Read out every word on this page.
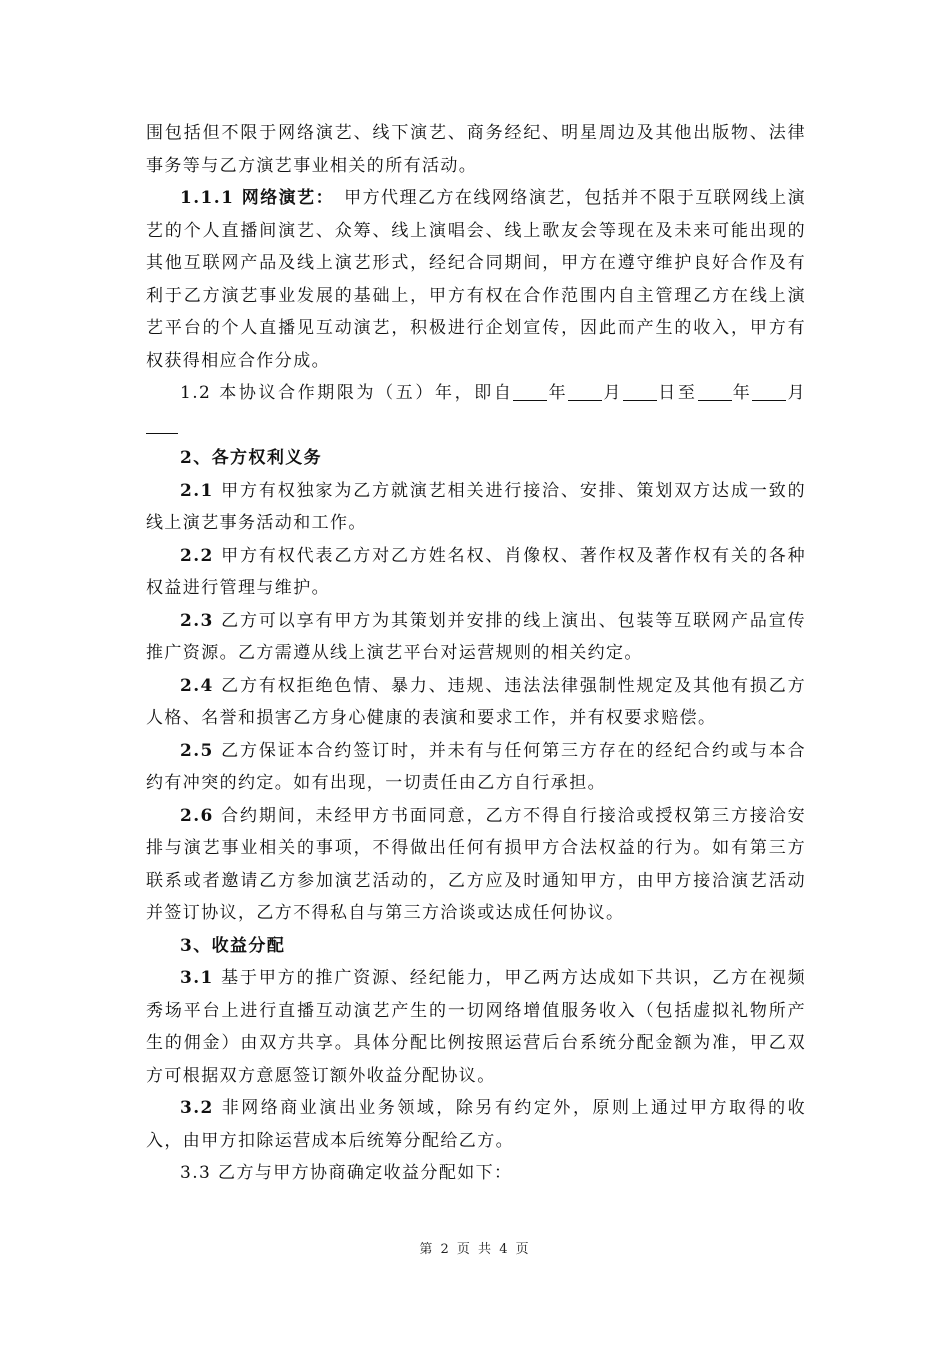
围包括但不限于网络演艺、线下演艺、商务经纪、明星周边及其他出版物、法律事务等与乙方演艺事业相关的所有活动。

1.1.1 网络演艺：　甲方代理乙方在线网络演艺，包括并不限于互联网线上演艺的个人直播间演艺、众筹、线上演唱会、线上歌友会等现在及未来可能出现的其他互联网产品及线上演艺形式，经纪合同期间，甲方在遵守维护良好合作及有利于乙方演艺事业发展的基础上，甲方有权在合作范围内自主管理乙方在线上演艺平台的个人直播见互动演艺，积极进行企划宣传，因此而产生的收入，甲方有权获得相应合作分成。

1.2 本协议合作期限为（五）年，即自 年 月 日至 年 月

2、各方权利义务

2.1 甲方有权独家为乙方就演艺相关进行接洽、安排、策划双方达成一致的线上演艺事务活动和工作。

2.2 甲方有权代表乙方对乙方姓名权、肖像权、著作权及著作权有关的各种权益进行管理与维护。

2.3 乙方可以享有甲方为其策划并安排的线上演出、包装等互联网产品宣传推广资源。乙方需遵从线上演艺平台对运营规则的相关约定。

2.4 乙方有权拒绝色情、暴力、违规、违法法律强制性规定及其他有损乙方人格、名誉和损害乙方身心健康的表演和要求工作，并有权要求赔偿。

2.5 乙方保证本合约签订时，并未有与任何第三方存在的经纪合约或与本合约有冲突的约定。如有出现，一切责任由乙方自行承担。

2.6 合约期间，未经甲方书面同意，乙方不得自行接洽或授权第三方接洽安排与演艺事业相关的事项，不得做出任何有损甲方合法权益的行为。如有第三方联系或者邀请乙方参加演艺活动的，乙方应及时通知甲方，由甲方接洽演艺活动并签订协议，乙方不得私自与第三方洽谈或达成任何协议。

3、收益分配

3.1 基于甲方的推广资源、经纪能力，甲乙两方达成如下共识，乙方在视频秀场平台上进行直播互动演艺产生的一切网络增值服务收入（包括虚拟礼物所产生的佣金）由双方共享。具体分配比例按照运营后台系统分配金额为准，甲乙双方可根据双方意愿签订额外收益分配协议。

3.2 非网络商业演出业务领域，除另有约定外，原则上通过甲方取得的收入，由甲方扣除运营成本后统筹分配给乙方。

3.3 乙方与甲方协商确定收益分配如下：

第 2 页 共 4 页
